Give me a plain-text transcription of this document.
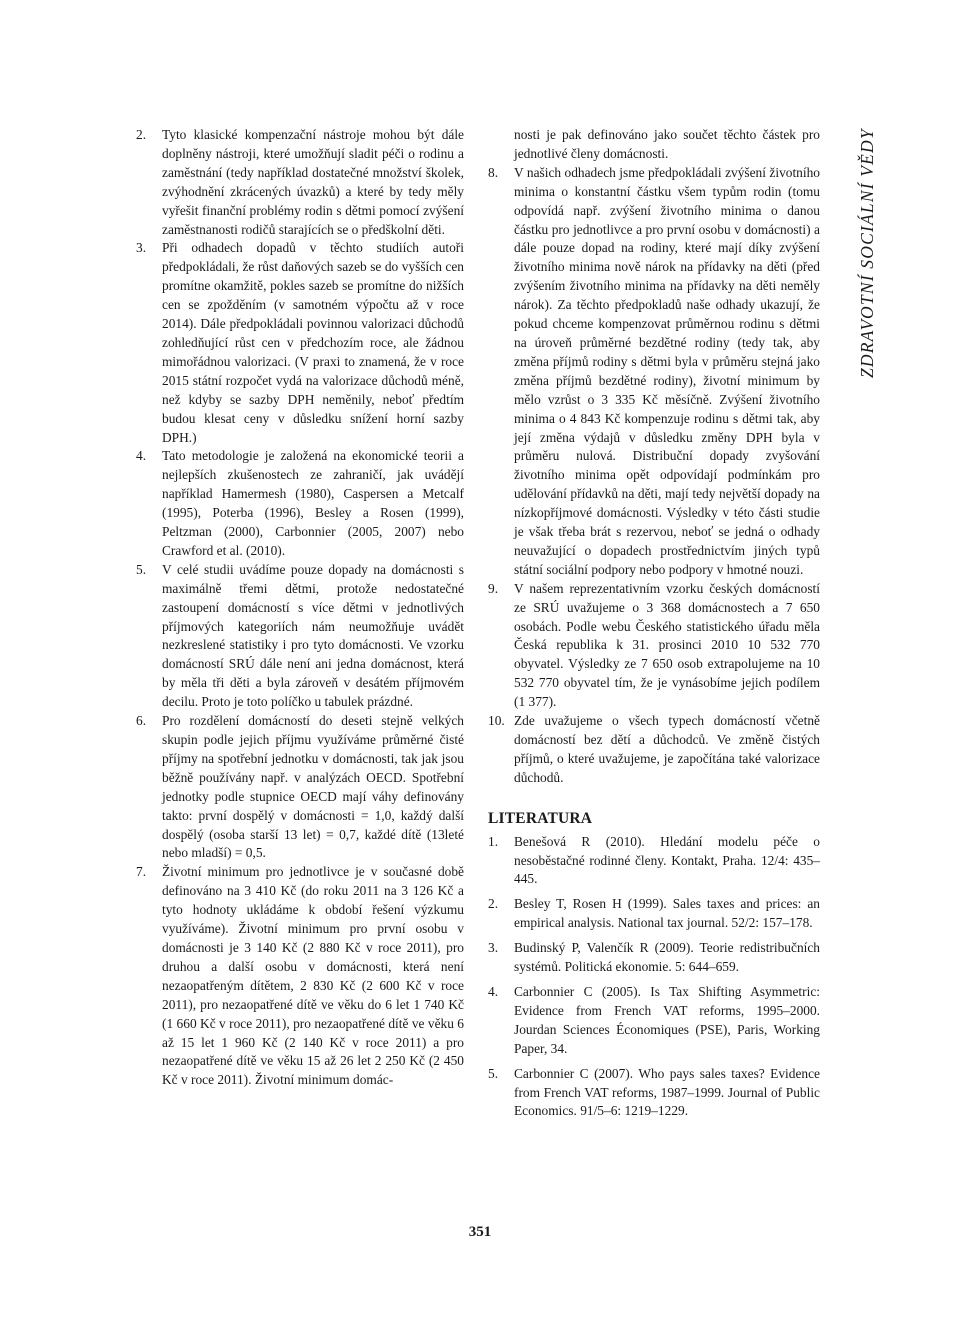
ZDRAVOTNÍ SOCIÁLNÍ VĚDY
2. Tyto klasické kompenzační nástroje mohou být dále doplněny nástroji, které umožňují sladit péči o rodinu a zaměstnání (tedy například dostatečné množství školek, zvýhodnění zkrácených úvazků) a které by tedy měly vyřešit finanční problémy rodin s dětmi pomocí zvýšení zaměstnanosti rodičů starajících se o předškolní děti.
3. Při odhadech dopadů v těchto studiích autoři předpokládali, že růst daňových sazeb se do vyšších cen promítne okamžitě, pokles sazeb se promítne do nižších cen se zpožděním (v samotném výpočtu až v roce 2014). Dále předpokládali povinnou valorizaci důchodů zohledňující růst cen v předchozím roce, ale žádnou mimořádnou valorizaci. (V praxi to znamená, že v roce 2015 státní rozpočet vydá na valorizace důchodů méně, než kdyby se sazby DPH neměnily, neboť předtím budou klesat ceny v důsledku snížení horní sazby DPH.)
4. Tato metodologie je založená na ekonomické teorii a nejlepších zkušenostech ze zahraničí, jak uvádějí například Hamermesh (1980), Caspersen a Metcalf (1995), Poterba (1996), Besley a Rosen (1999), Peltzman (2000), Carbonnier (2005, 2007) nebo Crawford et al. (2010).
5. V celé studii uvádíme pouze dopady na domácnosti s maximálně třemi dětmi, protože nedostatečné zastoupení domácností s více dětmi v jednotlivých příjmových kategoriích nám neumožňuje uvádět nezkreslené statistiky i pro tyto domácnosti. Ve vzorku domácností SRÚ dále není ani jedna domácnost, která by měla tři děti a byla zároveň v desátém příjmovém decilu. Proto je toto políčko u tabulek prázdné.
6. Pro rozdělení domácností do deseti stejně velkých skupin podle jejich příjmu využíváme průměrné čisté příjmy na spotřební jednotku v domácnosti, tak jak jsou běžně používány např. v analýzách OECD. Spotřební jednotky podle stupnice OECD mají váhy definovány takto: první dospělý v domácnosti = 1,0, každý další dospělý (osoba starší 13 let) = 0,7, každé dítě (13leté nebo mladší) = 0,5.
7. Životní minimum pro jednotlivce je v současné době definováno na 3 410 Kč (do roku 2011 na 3 126 Kč a tyto hodnoty ukládáme k období řešení výzkumu využíváme). Životní minimum pro první osobu v domácnosti je 3 140 Kč (2 880 Kč v roce 2011), pro druhou a další osobu v domácnosti, která není nezaopatřeným dítětem, 2 830 Kč (2 600 Kč v roce 2011), pro nezaopatřené dítě ve věku do 6 let 1 740 Kč (1 660 Kč v roce 2011), pro nezaopatřené dítě ve věku 6 až 15 let 1 960 Kč (2 140 Kč v roce 2011) a pro nezaopatřené dítě ve věku 15 až 26 let 2 250 Kč (2 450 Kč v roce 2011). Životní minimum domác-
nosti je pak definováno jako součet těchto částek pro jednotlivé členy domácnosti.
8. V našich odhadech jsme předpokládali zvýšení životního minima o konstantní částku všem typům rodin (tomu odpovídá např. zvýšení životního minima o danou částku pro jednotlivce a pro první osobu v domácnosti) a dále pouze dopad na rodiny, které mají díky zvýšení životního minima nově nárok na přídavky na děti (před zvýšením životního minima na přídavky na děti neměly nárok). Za těchto předpokladů naše odhady ukazují, že pokud chceme kompenzovat průměrnou rodinu s dětmi na úroveň průměrné bezdětné rodiny (tedy tak, aby změna příjmů rodiny s dětmi byla v průměru stejná jako změna příjmů bezdětné rodiny), životní minimum by mělo vzrůst o 3 335 Kč měsíčně. Zvýšení životního minima o 4 843 Kč kompenzuje rodinu s dětmi tak, aby její změna výdajů v důsledku změny DPH byla v průměru nulová. Distribuční dopady zvyšování životního minima opět odpovídají podmínkám pro udělování přídavků na děti, mají tedy největší dopady na nízkopříjmové domácnosti. Výsledky v této části studie je však třeba brát s rezervou, neboť se jedná o odhady neuvažující o dopadech prostřednictvím jiných typů státní sociální podpory nebo podpory v hmotné nouzi.
9. V našem reprezentativním vzorku českých domácností ze SRÚ uvažujeme o 3 368 domácnostech a 7 650 osobách. Podle webu Českého statistického úřadu měla Česká republika k 31. prosinci 2010 10 532 770 obyvatel. Výsledky ze 7 650 osob extrapolujeme na 10 532 770 obyvatel tím, že je vynásobíme jejich podílem (1 377).
10. Zde uvažujeme o všech typech domácností včetně domácností bez dětí a důchodců. Ve změně čistých příjmů, o které uvažujeme, je započítána také valorizace důchodů.
LITERATURA
1. Benešová R (2010). Hledání modelu péče o nesoběstačné rodinné členy. Kontakt, Praha. 12/4: 435–445.
2. Besley T, Rosen H (1999). Sales taxes and prices: an empirical analysis. National tax journal. 52/2: 157–178.
3. Budinský P, Valenčík R (2009). Teorie redistribučních systémů. Politická ekonomie. 5: 644–659.
4. Carbonnier C (2005). Is Tax Shifting Asymmetric: Evidence from French VAT reforms, 1995–2000. Jourdan Sciences Économiques (PSE), Paris, Working Paper, 34.
5. Carbonnier C (2007). Who pays sales taxes? Evidence from French VAT reforms, 1987–1999. Journal of Public Economics. 91/5–6: 1219–1229.
351
